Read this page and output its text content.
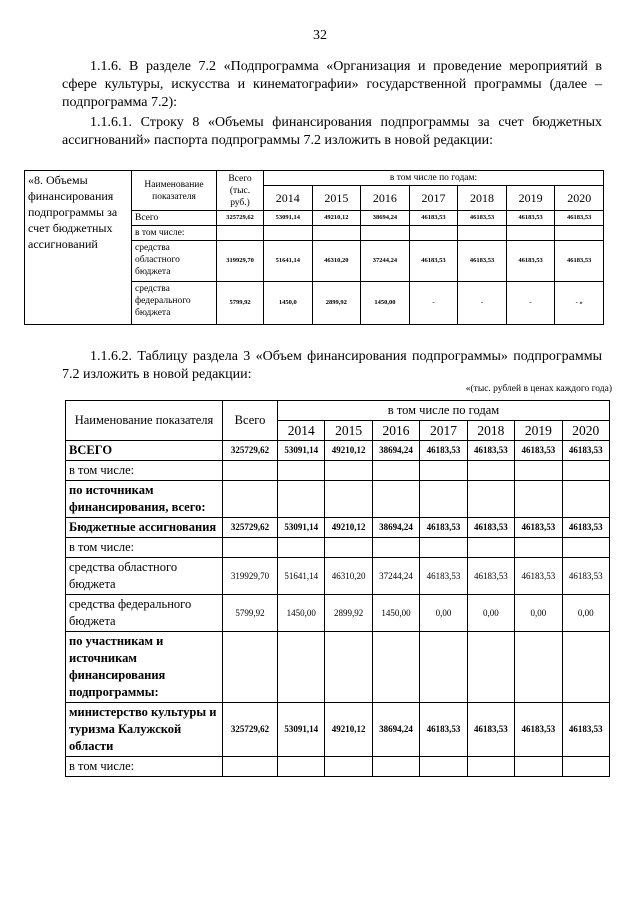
32
1.1.6. В разделе 7.2 «Подпрограмма «Организация и проведение мероприятий в сфере культуры, искусства и кинематографии» государственной программы (далее – подпрограмма 7.2):
1.1.6.1. Строку 8 «Объемы финансирования подпрограммы за счет бюджетных ассигнований» паспорта подпрограммы 7.2 изложить в новой редакции:
«8. Объемы финансирования подпрограммы за счет бюджетных ассигнований	Наименование показателя	Всего (тыс. руб.)	в том числе по годам:						
			2014	2015	2016	2017	2018	2019	2020
	Всего	325729,62	53091,14	49210,12	38694,24	46183,53	46183,53	46183,53	46183,53
	в том числе:								
	средства областного бюджета	319929,70	51641,14	46310,20	37244,24	46183,53	46183,53	46183,53	46183,53
	средства федерального бюджета	5799,92	1450,0	2899,92	1450,00	-	-	-	- »
1.1.6.2. Таблицу раздела 3 «Объем финансирования подпрограммы» подпрограммы 7.2 изложить в новой редакции:
«(тыс. рублей в ценах каждого года)
Наименование показателя	Всего	в том числе по годам						
		2014	2015	2016	2017	2018	2019	2020
ВСЕГО	325729,62	53091,14	49210,12	38694,24	46183,53	46183,53	46183,53	46183,53
в том числе:								
по источникам финансирования, всего:								
Бюджетные ассигнования	325729,62	53091,14	49210,12	38694,24	46183,53	46183,53	46183,53	46183,53
в том числе:								
средства областного бюджета	319929,70	51641,14	46310,20	37244,24	46183,53	46183,53	46183,53	46183,53
средства федерального бюджета	5799,92	1450,00	2899,92	1450,00	0,00	0,00	0,00	0,00
по участникам и источникам финансирования подпрограммы:								
министерство культуры и туризма Калужской области	325729,62	53091,14	49210,12	38694,24	46183,53	46183,53	46183,53	46183,53
в том числе:								
